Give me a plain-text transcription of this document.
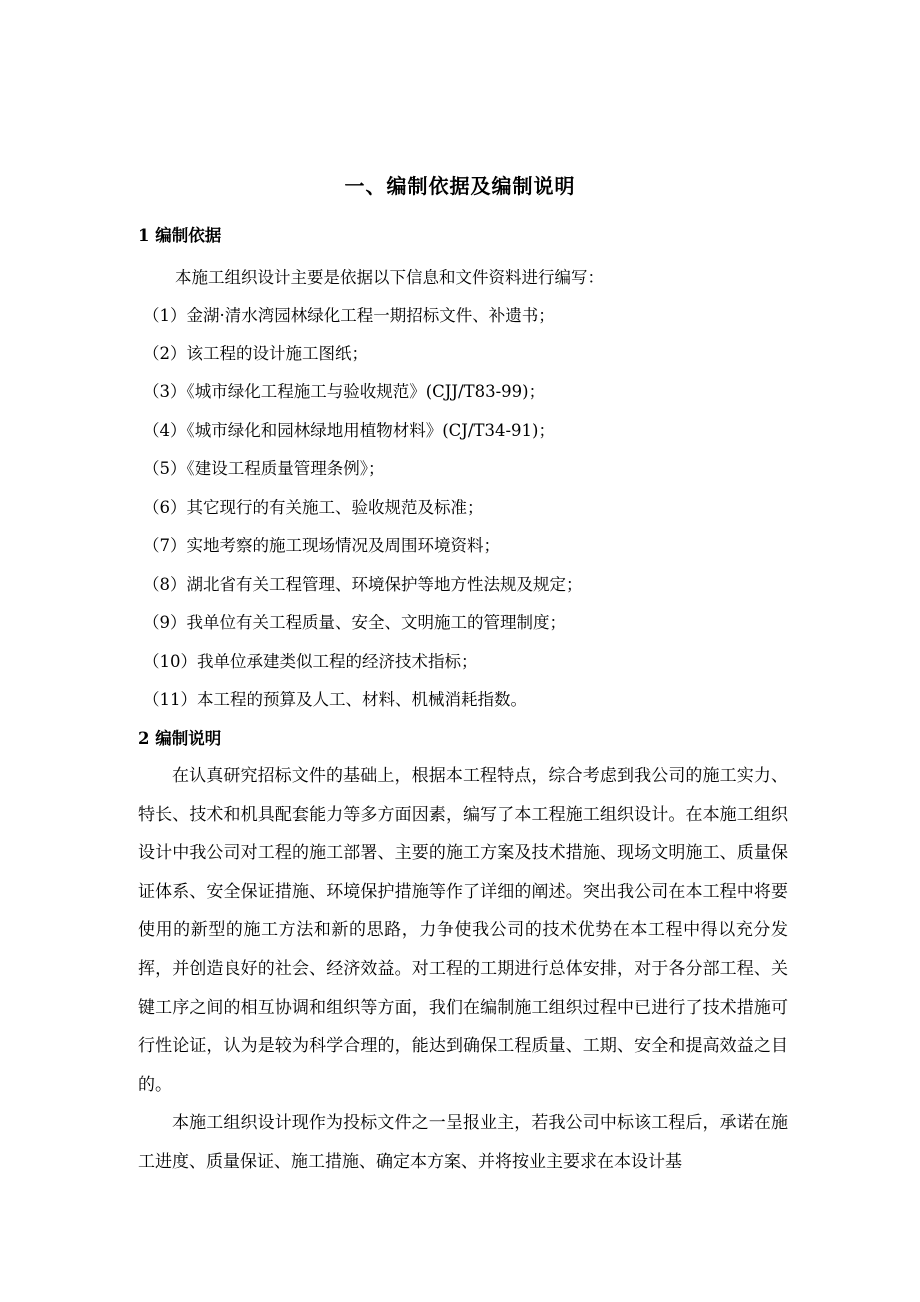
一、编制依据及编制说明
1 编制依据

本施工组织设计主要是依据以下信息和文件资料进行编写：

（1）金湖·清水湾园林绿化工程一期招标文件、补遗书；

（2）该工程的设计施工图纸；

（3）《城市绿化工程施工与验收规范》(CJJ/T83-99)；

（4）《城市绿化和园林绿地用植物材料》(CJ/T34-91)；

（5）《建设工程质量管理条例》；

（6）其它现行的有关施工、验收规范及标准；

（7）实地考察的施工现场情况及周围环境资料；

（8）湖北省有关工程管理、环境保护等地方性法规及规定；

（9）我单位有关工程质量、安全、文明施工的管理制度；

（10）我单位承建类似工程的经济技术指标；

（11）本工程的预算及人工、材料、机械消耗指数。

2 编制说明

在认真研究招标文件的基础上，根据本工程特点，综合考虑到我公司的施工实力、特长、技术和机具配套能力等多方面因素，编写了本工程施工组织设计。在本施工组织设计中我公司对工程的施工部署、主要的施工方案及技术措施、现场文明施工、质量保证体系、安全保证措施、环境保护措施等作了详细的阐述。突出我公司在本工程中将要使用的新型的施工方法和新的思路，力争使我公司的技术优势在本工程中得以充分发挥，并创造良好的社会、经济效益。对工程的工期进行总体安排，对于各分部工程、关键工序之间的相互协调和组织等方面，我们在编制施工组织过程中已进行了技术措施可行性论证，认为是较为科学合理的，能达到确保工程质量、工期、安全和提高效益之目的。

本施工组织设计现作为投标文件之一呈报业主，若我公司中标该工程后，承诺在施工进度、质量保证、施工措施、确定本方案、并将按业主要求在本设计基
